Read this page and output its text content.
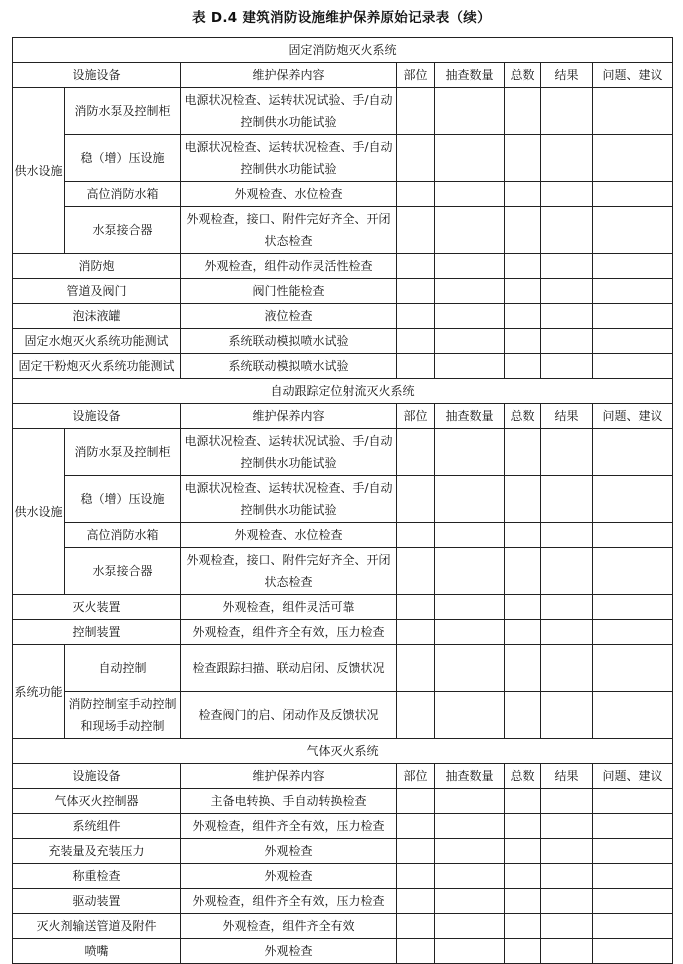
表 D.4 建筑消防设施维护保养原始记录表（续）
固定消防炮灭火系统							
设施设备		维护保养内容	部位	抽查数量	总数	结果	问题、建议
供水设施	消防水泵及控制柜	电源状况检查、运转状况试验、手/自动控制供水功能试验					
	稳（增）压设施	电源状况检查、运转状况检查、手/自动控制供水功能试验					
	高位消防水箱	外观检查、水位检查					
	水泵接合器	外观检查，接口、附件完好齐全、开闭状态检查					
消防炮		外观检查，组件动作灵活性检查					
管道及阀门		阀门性能检查					
泡沫液罐		液位检查					
固定水炮灭火系统功能测试		系统联动模拟喷水试验					
固定干粉炮灭火系统功能测试		系统联动模拟喷水试验					
自动跟踪定位射流灭火系统							
设施设备		维护保养内容	部位	抽查数量	总数	结果	问题、建议
供水设施	消防水泵及控制柜	电源状况检查、运转状况试验、手/自动控制供水功能试验					
	稳（增）压设施	电源状况检查、运转状况检查、手/自动控制供水功能试验					
	高位消防水箱	外观检查、水位检查					
	水泵接合器	外观检查，接口、附件完好齐全、开闭状态检查					
灭火装置		外观检查，组件灵活可靠					
控制装置		外观检查，组件齐全有效，压力检查					
系统功能	自动控制	检查跟踪扫描、联动启闭、反馈状况					
	消防控制室手动控制和现场手动控制	检查阀门的启、闭动作及反馈状况					
气体灭火系统							
设施设备		维护保养内容	部位	抽查数量	总数	结果	问题、建议
气体灭火控制器		主备电转换、手自动转换检查					
系统组件		外观检查，组件齐全有效，压力检查					
充装量及充装压力		外观检查					
称重检查		外观检查					
驱动装置		外观检查，组件齐全有效，压力检查					
灭火剂输送管道及附件		外观检查，组件齐全有效					
喷嘴		外观检查					
